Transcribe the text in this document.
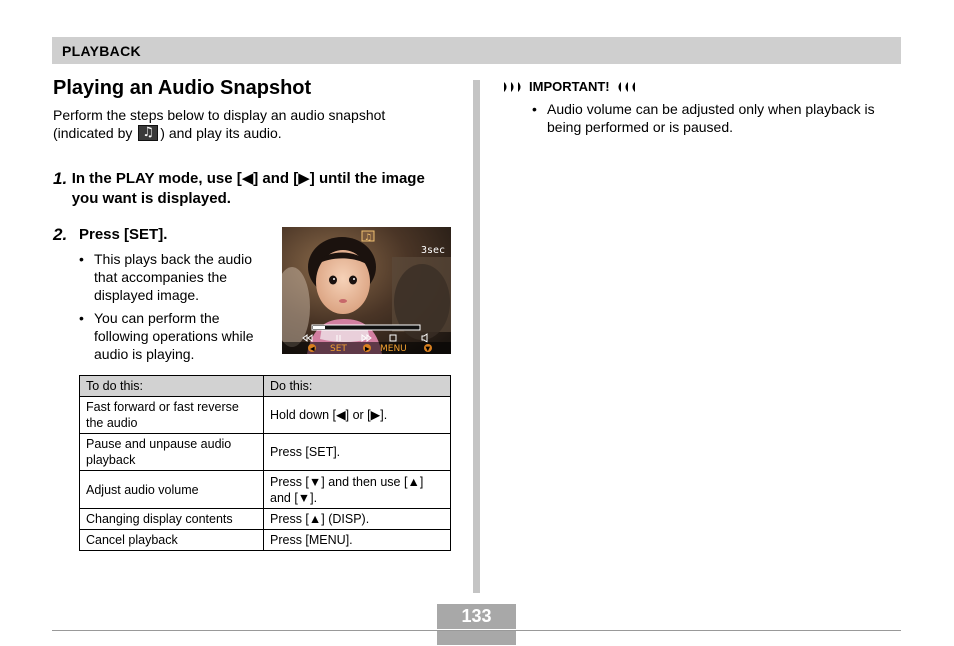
PLAYBACK
Playing an Audio Snapshot

Perform the steps below to display an audio snapshot (indicated by ♫) and play its audio.

1. In the PLAY mode, use [◀] and [▶] until the image you want is displayed.
2. Press [SET].
• This plays back the audio that accompanies the displayed image.
• You can perform the following operations while audio is playing.
♫
3sec
◀ SET	▶ MENU	▼
To do this:	Do this:
Fast forward or fast reverse the audio	Hold down [◀] or [▶].
Pause and unpause audio playback	Press [SET].
Adjust audio volume	Press [▼] and then use [▲] and [▼].
Changing display contents	Press [▲] (DISP).
Cancel playback	Press [MENU].
IMPORTANT!
• Audio volume can be adjusted only when playback is being performed or is paused.
133
